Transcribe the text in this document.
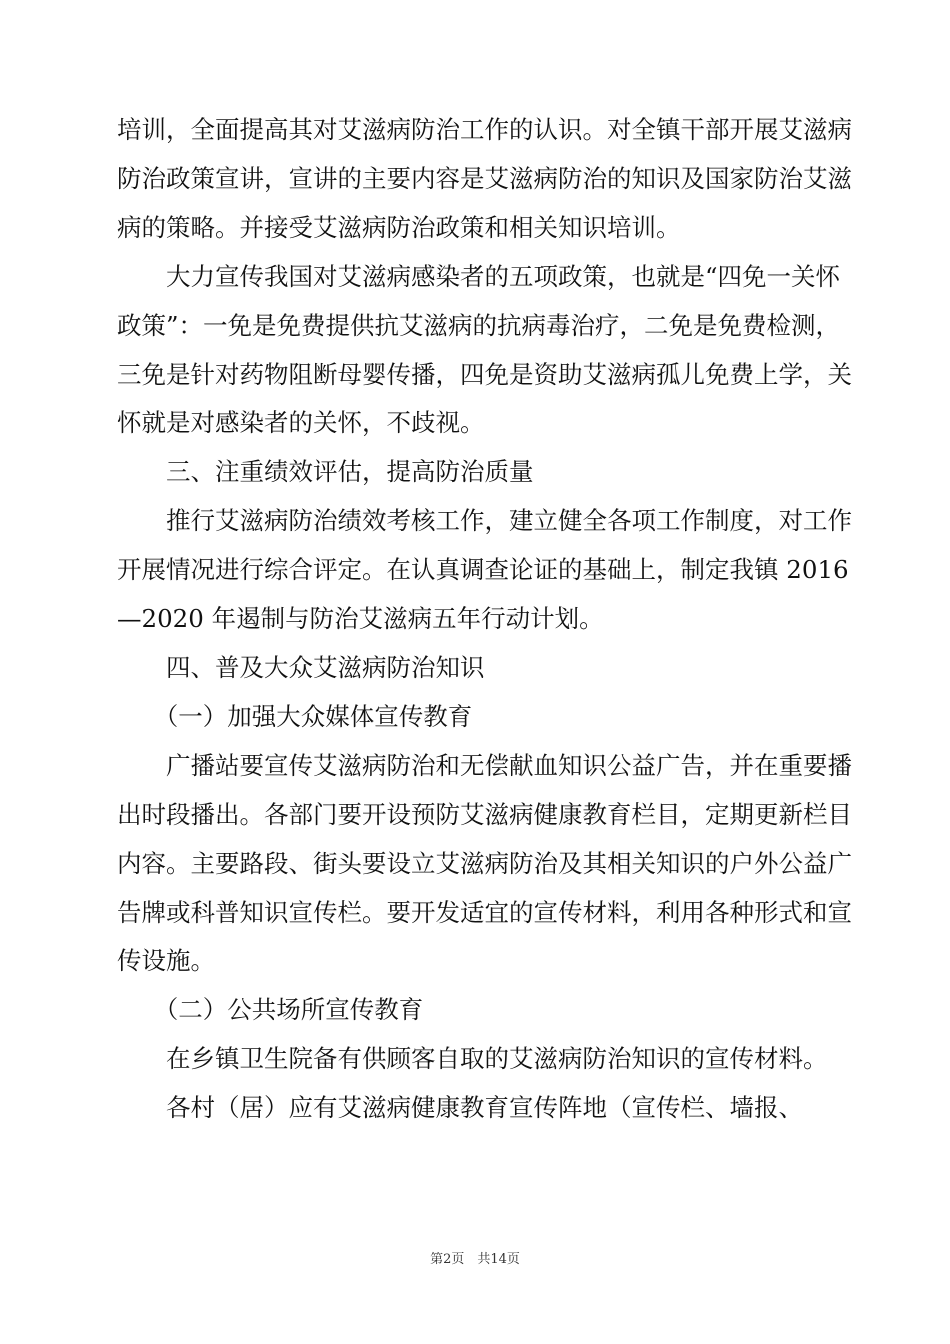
培训，全面提高其对艾滋病防治工作的认识。对全镇干部开展艾滋病防治政策宣讲，宣讲的主要内容是艾滋病防治的知识及国家防治艾滋病的策略。并接受艾滋病防治政策和相关知识培训。

　　大力宣传我国对艾滋病感染者的五项政策，也就是“四免一关怀政策”：一免是免费提供抗艾滋病的抗病毒治疗，二免是免费检测，三免是针对药物阻断母婴传播，四免是资助艾滋病孤儿免费上学，关怀就是对感染者的关怀，不歧视。

　　三、注重绩效评估，提高防治质量

　　推行艾滋病防治绩效考核工作，建立健全各项工作制度，对工作开展情况进行综合评定。在认真调查论证的基础上，制定我镇 2016—2020 年遏制与防治艾滋病五年行动计划。

　　四、普及大众艾滋病防治知识

　　（一）加强大众媒体宣传教育

　　广播站要宣传艾滋病防治和无偿献血知识公益广告，并在重要播出时段播出。各部门要开设预防艾滋病健康教育栏目，定期更新栏目内容。主要路段、街头要设立艾滋病防治及其相关知识的户外公益广告牌或科普知识宣传栏。要开发适宜的宣传材料，利用各种形式和宣传设施。

　　（二）公共场所宣传教育

　　在乡镇卫生院备有供顾客自取的艾滋病防治知识的宣传材料。

　　各村（居）应有艾滋病健康教育宣传阵地（宣传栏、墙报、

第2页　共14页
